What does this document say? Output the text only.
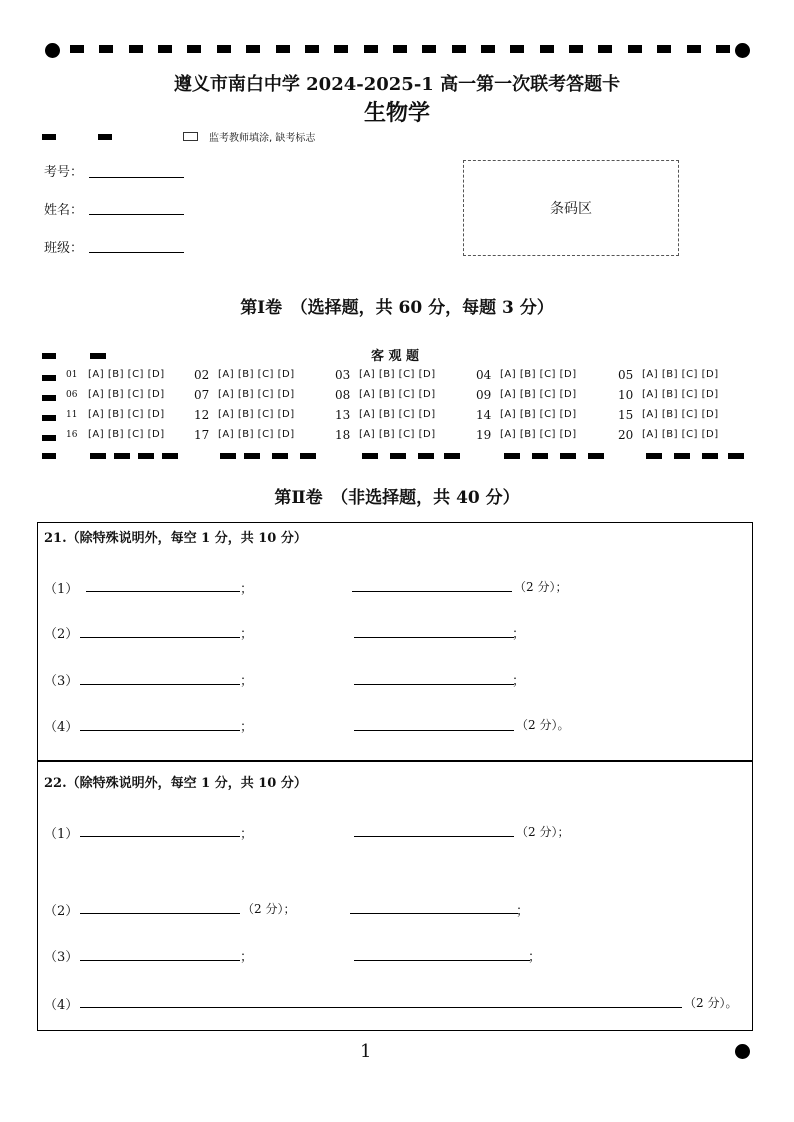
遵义市南白中学 2024-2025-1 高一第一次联考答题卡
生物学
监考教师填涂, 缺考标志
考号：
姓名：
班级：
条码区
第Ⅰ卷　（选择题，共 60 分，每题 3 分）
客 观 题
01 [A] [B] [C] [D] 02 [A] [B] [C] [D]	03 [A] [B] [C] [D]	04 [A] [B] [C] [D]	05 [A] [B] [C] [D]
06 [A] [B] [C] [D] 07 [A] [B] [C] [D]	08 [A] [B] [C] [D]	09 [A] [B] [C] [D]	10 [A] [B] [C] [D]
11 [A] [B] [C] [D] 12 [A] [B] [C] [D]	13 [A] [B] [C] [D]	14 [A] [B] [C] [D]	15 [A] [B] [C] [D]
16 [A] [B] [C] [D] 17 [A] [B] [C] [D]	18 [A] [B] [C] [D]	19 [A] [B] [C] [D]	20 [A] [B] [C] [D]
第Ⅱ卷　（非选择题，共 40 分）
21.（除特殊说明外，每空 1 分，共 10 分）
（1）	；	（2 分）；
（2）	；	；
（3）	；	；
（4）	；	（2 分）。
22.（除特殊说明外，每空 1 分，共 10 分）
（1）	；	（2 分）；
（2）	（2 分）；	；
（3）	；	；
（4）	（2 分）。
1
